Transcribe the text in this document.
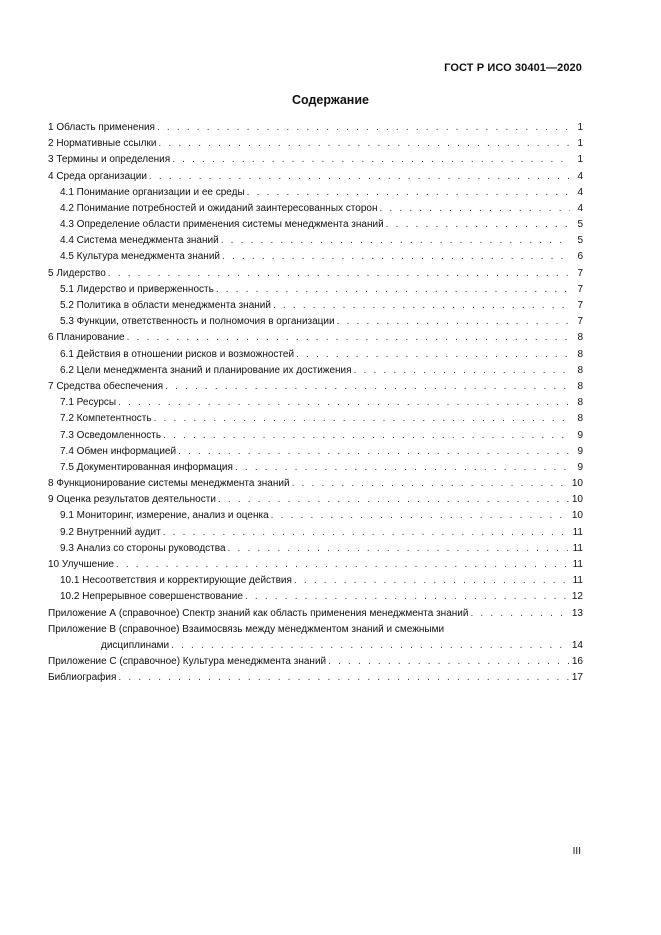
ГОСТ Р ИСО 30401—2020
Содержание
1 Область применения . . .	1
2 Нормативные ссылки . . .	1
3 Термины и определения . . .	1
4 Среда организации . . .	4
4.1 Понимание организации и ее среды . . .	4
4.2 Понимание потребностей и ожиданий заинтересованных сторон . . .	4
4.3 Определение области применения системы менеджмента знаний . . .	5
4.4 Система менеджмента знаний . . .	5
4.5 Культура менеджмента знаний . . .	6
5 Лидерство . . .	7
5.1 Лидерство и приверженность . . .	7
5.2 Политика в области менеджмента знаний . . .	7
5.3 Функции, ответственность и полномочия в организации . . .	7
6 Планирование . . .	8
6.1 Действия в отношении рисков и возможностей . . .	8
6.2 Цели менеджмента знаний и планирование их достижения . . .	8
7 Средства обеспечения . . .	8
7.1 Ресурсы . . .	8
7.2 Компетентность . . .	8
7.3 Осведомленность . . .	9
7.4 Обмен информацией . . .	9
7.5 Документированная информация . . .	9
8 Функционирование системы менеджмента знаний . . .	10
9 Оценка результатов деятельности . . .	10
9.1 Мониторинг, измерение, анализ и оценка . . .	10
9.2 Внутренний аудит . . .	11
9.3 Анализ со стороны руководства . . .	11
10 Улучшение . . .	11
10.1 Несоответствия и корректирующие действия . . .	11
10.2 Непрерывное совершенствование . . .	12
Приложение А (справочное) Спектр знаний как область применения менеджмента знаний . . .	13
Приложение В (справочное) Взаимосвязь между менеджментом знаний и смежными
дисциплинами . . .	14
Приложение С (справочное) Культура менеджмента знаний . . .	16
Библиография . . .	17
III
